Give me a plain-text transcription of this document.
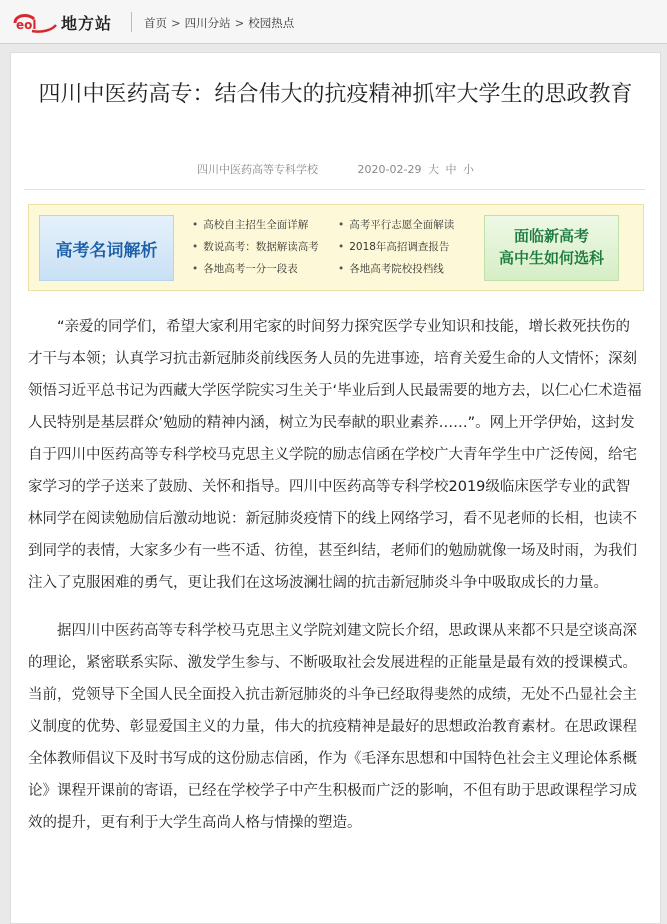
eol 地方站	首页 > 四川分站 > 校园热点
四川中医药高专：结合伟大的抗疫精神抓牢大学生的思政教育
四川中医药高等专科学校	2020-02-29 大 中 小
高考名词解析
• 高校自主招生全面详解
• 数说高考：数据解读高考
• 各地高考一分一段表
• 高考平行志愿全面解读
• 2018年高招调查报告
• 各地高考院校投档线
面临新高考
高中生如何选科

“亲爱的同学们，希望大家利用宅家的时间努力探究医学专业知识和技能，增长救死扶伤的才干与本领；认真学习抗击新冠肺炎前线医务人员的先进事迹，培育关爱生命的人文情怀；深刻领悟习近平总书记为西藏大学医学院实习生关于‘毕业后到人民最需要的地方去，以仁心仁术造福人民特别是基层群众’勉励的精神内涵，树立为民奉献的职业素养……”。网上开学伊始，这封发自于四川中医药高等专科学校马克思主义学院的励志信函在学校广大青年学生中广泛传阅，给宅家学习的学子送来了鼓励、关怀和指导。四川中医药高等专科学校2019级临床医学专业的武智林同学在阅读勉励信后激动地说：新冠肺炎疫情下的线上网络学习，看不见老师的长相，也读不到同学的表情，大家多少有一些不适、彷徨，甚至纠结，老师们的勉励就像一场及时雨，为我们注入了克服困难的勇气，更让我们在这场波澜壮阔的抗击新冠肺炎斗争中吸取成长的力量。

据四川中医药高等专科学校马克思主义学院刘建文院长介绍，思政课从来都不只是空谈高深的理论，紧密联系实际、激发学生参与、不断吸取社会发展进程的正能量是最有效的授课模式。当前，党领导下全国人民全面投入抗击新冠肺炎的斗争已经取得斐然的成绩，无处不凸显社会主义制度的优势、彰显爱国主义的力量，伟大的抗疫精神是最好的思想政治教育素材。在思政课程全体教师倡议下及时书写成的这份励志信函，作为《毛泽东思想和中国特色社会主义理论体系概论》课程开课前的寄语，已经在学校学子中产生积极而广泛的影响，不但有助于思政课程学习成效的提升，更有利于大学生高尚人格与情操的塑造。
